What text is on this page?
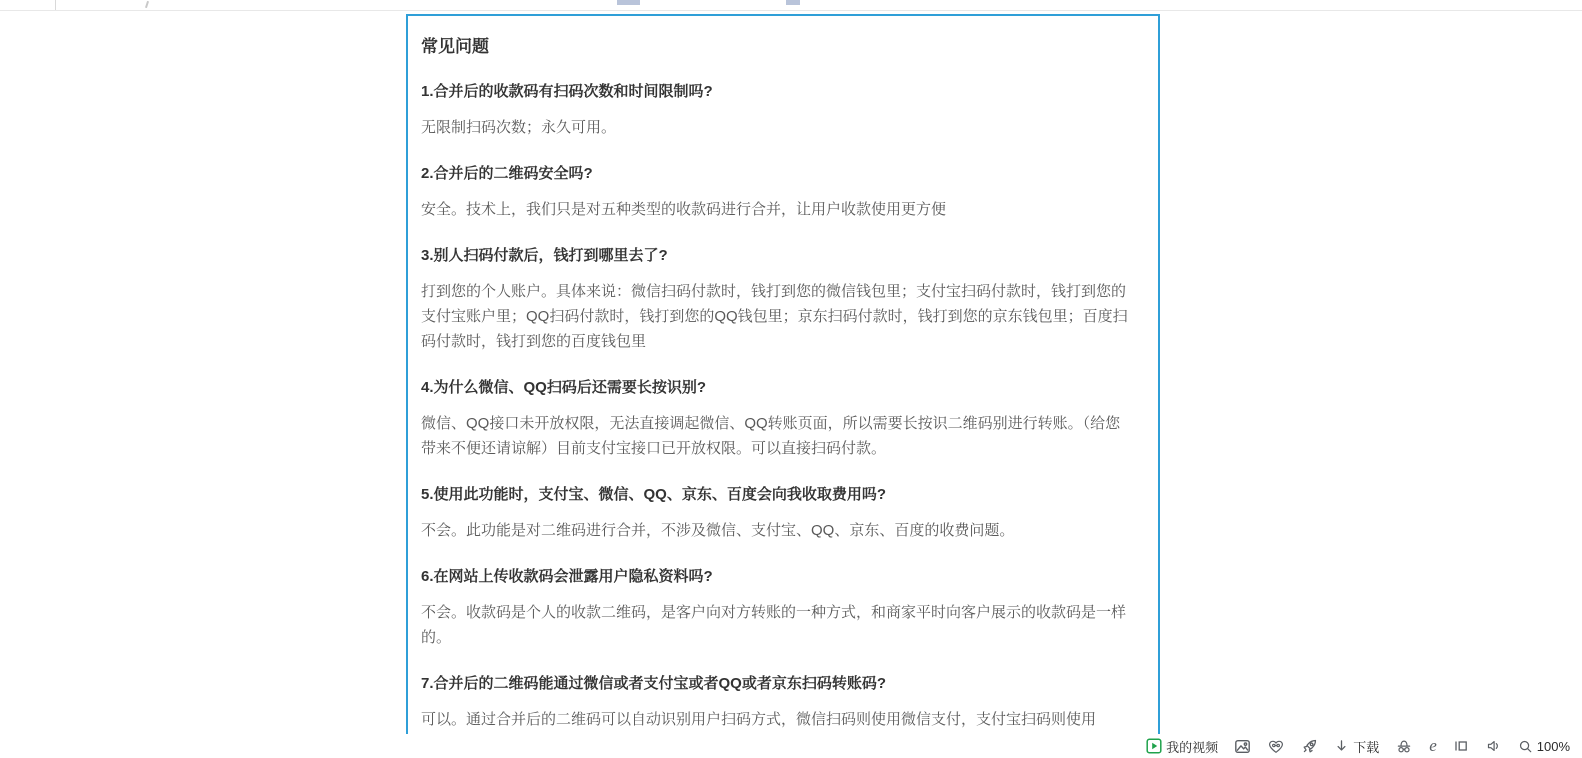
常见问题
1.合并后的收款码有扫码次数和时间限制吗?

无限制扫码次数；永久可用。

2.合并后的二维码安全吗?

安全。技术上，我们只是对五种类型的收款码进行合并，让用户收款使用更方便

3.别人扫码付款后，钱打到哪里去了?

打到您的个人账户。具体来说：微信扫码付款时，钱打到您的微信钱包里；支付宝扫码付款时，钱打到您的支付宝账户里；QQ扫码付款时，钱打到您的QQ钱包里；京东扫码付款时，钱打到您的京东钱包里；百度扫码付款时，钱打到您的百度钱包里

4.为什么微信、QQ扫码后还需要长按识别?

微信、QQ接口未开放权限，无法直接调起微信、QQ转账页面，所以需要长按识二维码别进行转账。（给您带来不便还请谅解）目前支付宝接口已开放权限。可以直接扫码付款。

5.使用此功能时，支付宝、微信、QQ、京东、百度会向我收取费用吗?

不会。此功能是对二维码进行合并，不涉及微信、支付宝、QQ、京东、百度的收费问题。

6.在网站上传收款码会泄露用户隐私资料吗?

不会。收款码是个人的收款二维码，是客户向对方转账的一种方式，和商家平时向客户展示的收款码是一样的。

7.合并后的二维码能通过微信或者支付宝或者QQ或者京东扫码转账码?

可以。通过合并后的二维码可以自动识别用户扫码方式，微信扫码则使用微信支付，支付宝扫码则使用

我的视频	下载	e	100%
